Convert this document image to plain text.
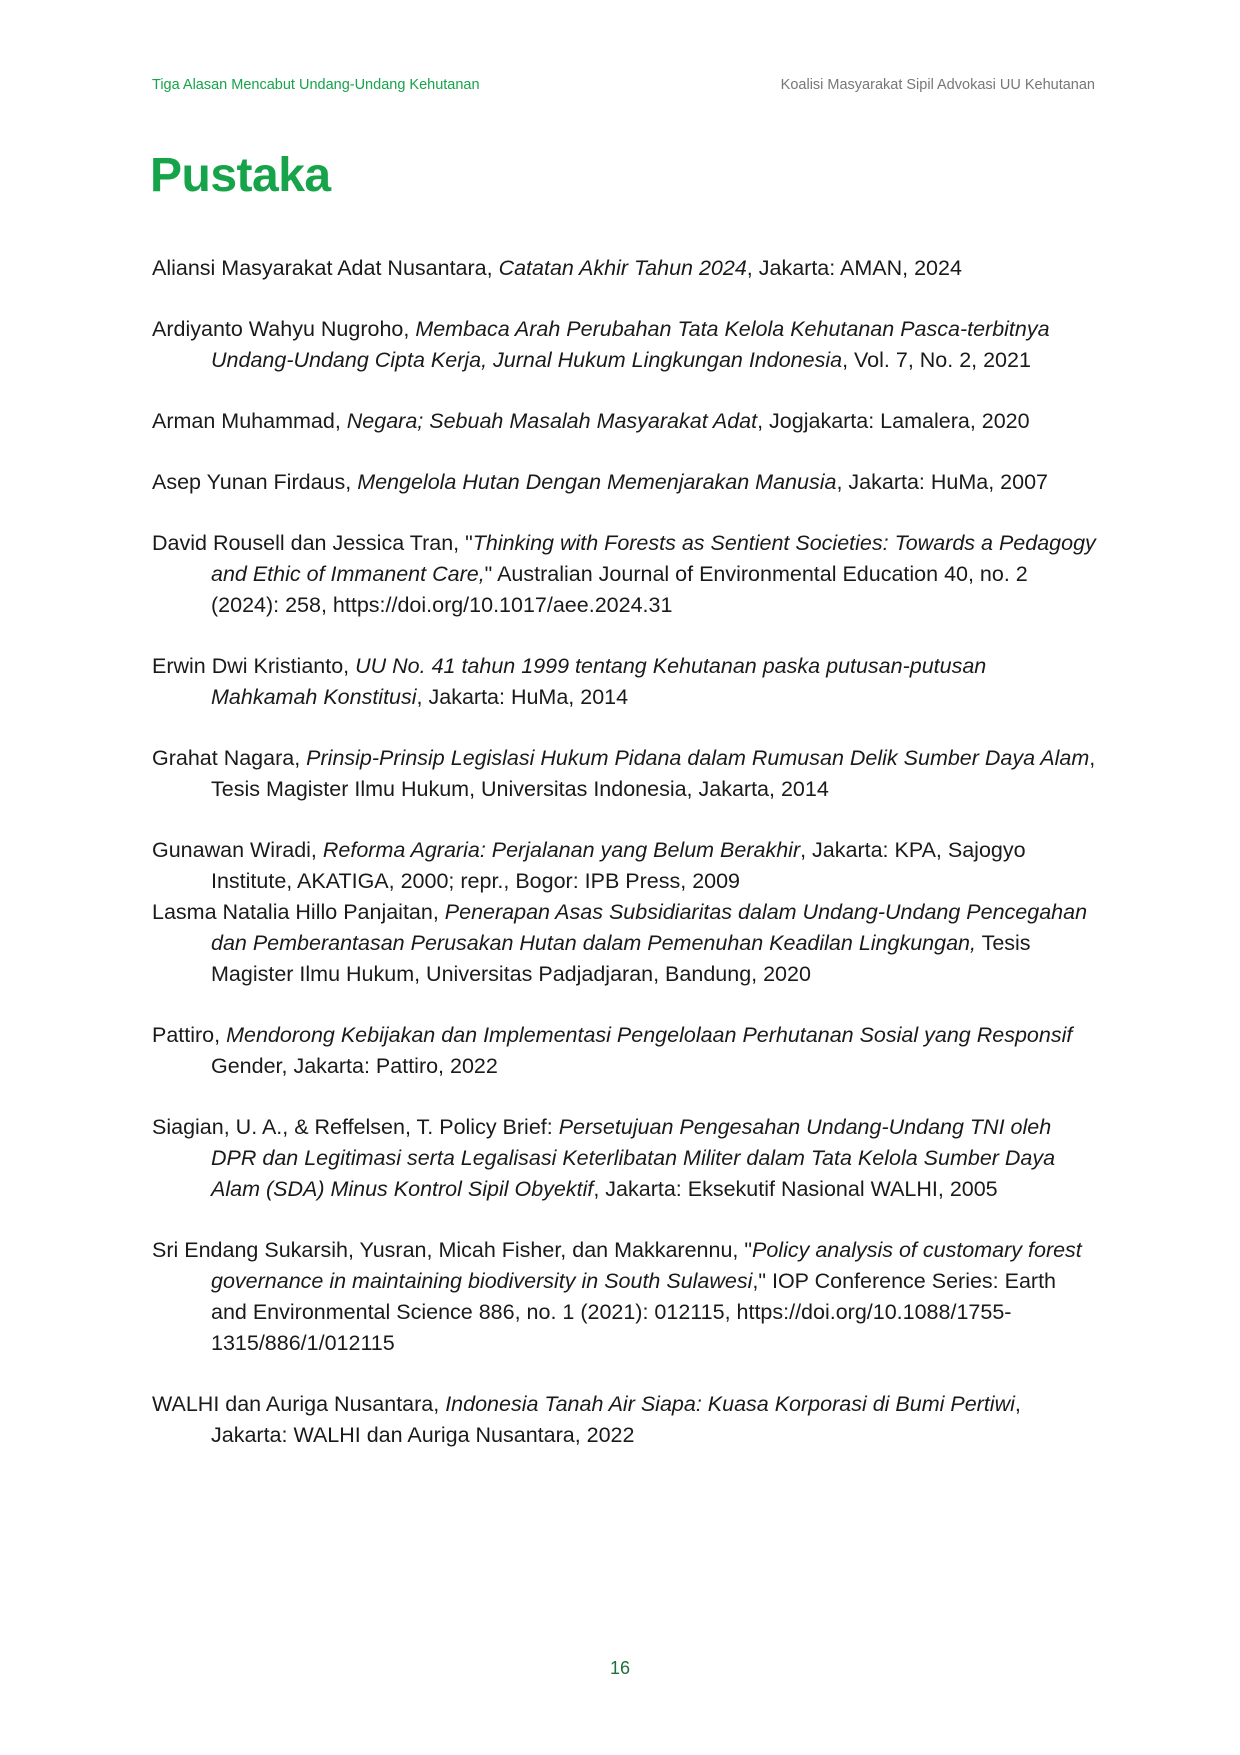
Tiga Alasan Mencabut Undang-Undang Kehutanan	Koalisi Masyarakat Sipil Advokasi UU Kehutanan
Pustaka

Aliansi Masyarakat Adat Nusantara, Catatan Akhir Tahun 2024, Jakarta: AMAN, 2024

Ardiyanto Wahyu Nugroho, Membaca Arah Perubahan Tata Kelola Kehutanan Pasca-terbitnya Undang-Undang Cipta Kerja, Jurnal Hukum Lingkungan Indonesia, Vol. 7, No. 2, 2021

Arman Muhammad, Negara; Sebuah Masalah Masyarakat Adat, Jogjakarta: Lamalera, 2020

Asep Yunan Firdaus, Mengelola Hutan Dengan Memenjarakan Manusia, Jakarta: HuMa, 2007

David Rousell dan Jessica Tran, "Thinking with Forests as Sentient Societies: Towards a Pedagogy and Ethic of Immanent Care," Australian Journal of Environmental Education 40, no. 2 (2024): 258, https://doi.org/10.1017/aee.2024.31

Erwin Dwi Kristianto, UU No. 41 tahun 1999 tentang Kehutanan paska putusan-putusan Mahkamah Konstitusi, Jakarta: HuMa, 2014

Grahat Nagara, Prinsip-Prinsip Legislasi Hukum Pidana dalam Rumusan Delik Sumber Daya Alam, Tesis Magister Ilmu Hukum, Universitas Indonesia, Jakarta, 2014

Gunawan Wiradi, Reforma Agraria: Perjalanan yang Belum Berakhir, Jakarta: KPA, Sajogyo Institute, AKATIGA, 2000; repr., Bogor: IPB Press, 2009

Lasma Natalia Hillo Panjaitan, Penerapan Asas Subsidiaritas dalam Undang-Undang Pencegahan dan Pemberantasan Perusakan Hutan dalam Pemenuhan Keadilan Lingkungan, Tesis Magister Ilmu Hukum, Universitas Padjadjaran, Bandung, 2020

Pattiro, Mendorong Kebijakan dan Implementasi Pengelolaan Perhutanan Sosial yang Responsif Gender, Jakarta: Pattiro, 2022

Siagian, U. A., & Reffelsen, T. Policy Brief: Persetujuan Pengesahan Undang-Undang TNI oleh DPR dan Legitimasi serta Legalisasi Keterlibatan Militer dalam Tata Kelola Sumber Daya Alam (SDA) Minus Kontrol Sipil Obyektif, Jakarta: Eksekutif Nasional WALHI, 2005

Sri Endang Sukarsih, Yusran, Micah Fisher, dan Makkarennu, "Policy analysis of customary forest governance in maintaining biodiversity in South Sulawesi," IOP Conference Series: Earth and Environmental Science 886, no. 1 (2021): 012115, https://doi.org/10.1088/1755-1315/886/1/012115

WALHI dan Auriga Nusantara, Indonesia Tanah Air Siapa: Kuasa Korporasi di Bumi Pertiwi, Jakarta: WALHI dan Auriga Nusantara, 2022

16
